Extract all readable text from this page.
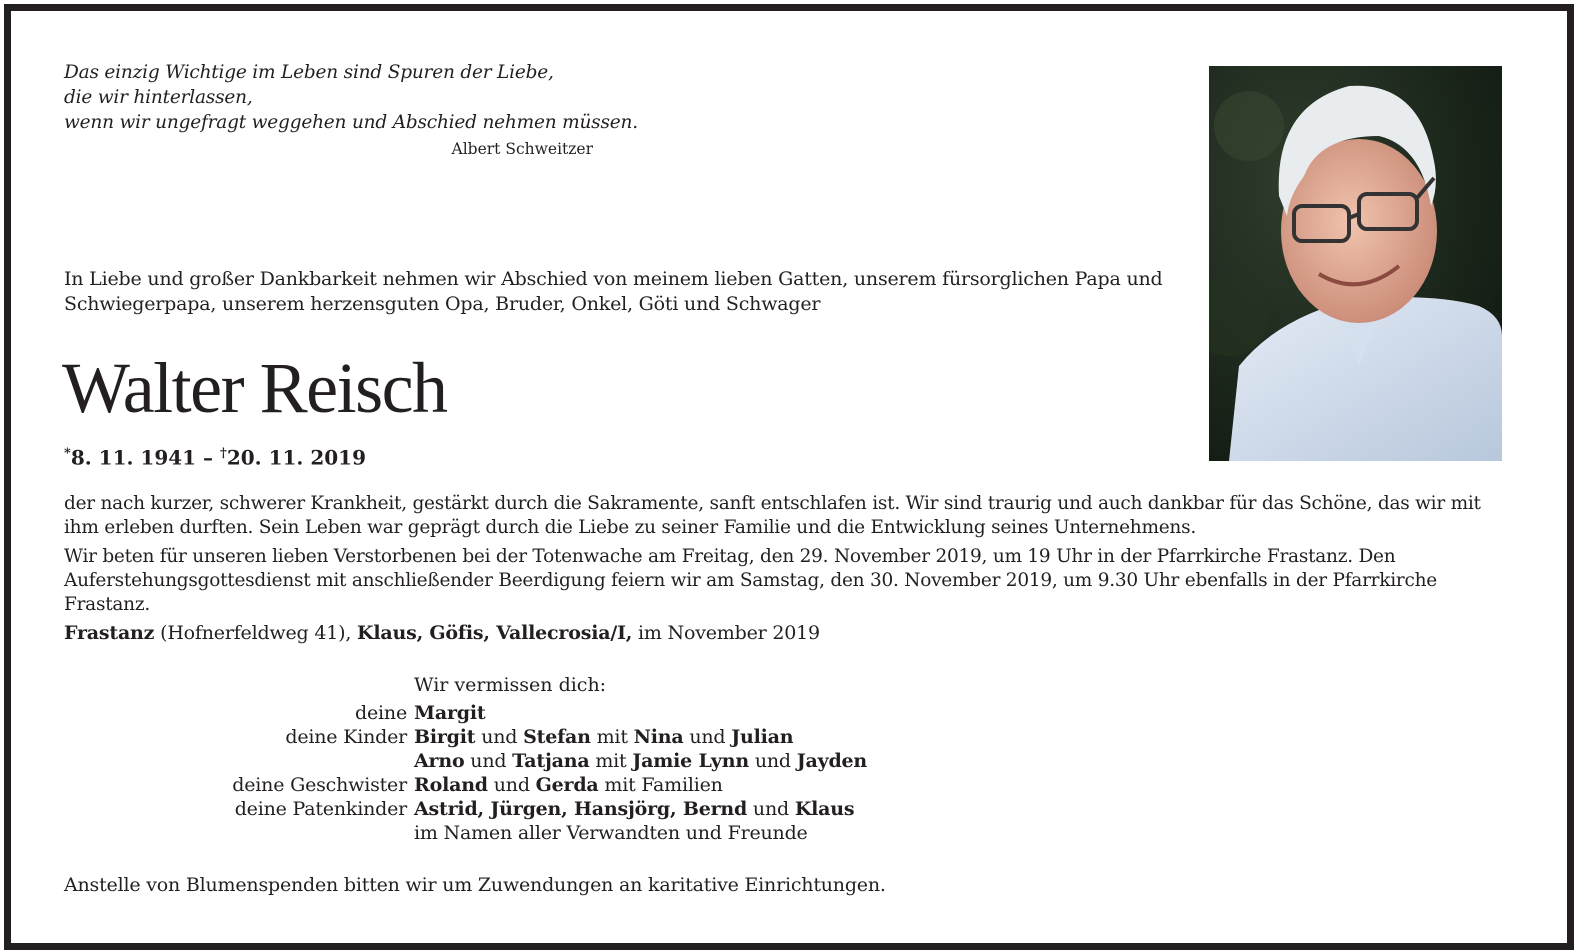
Das einzig Wichtige im Leben sind Spuren der Liebe,
die wir hinterlassen,
wenn wir ungefragt weggehen und Abschied nehmen müssen.
Albert Schweitzer
In Liebe und großer Dankbarkeit nehmen wir Abschied von meinem lieben Gatten, unserem fürsorglichen Papa und Schwiegerpapa, unserem herzensguten Opa, Bruder, Onkel, Göti und Schwager
Walter Reisch
*8. 11. 1941 – †20. 11. 2019

der nach kurzer, schwerer Krankheit, gestärkt durch die Sakramente, sanft entschlafen ist. Wir sind traurig und auch dankbar für das Schöne, das wir mit ihm erleben durften. Sein Leben war geprägt durch die Liebe zu seiner Familie und die Entwicklung seines Unternehmens.

Wir beten für unseren lieben Verstorbenen bei der Totenwache am Freitag, den 29. November 2019, um 19 Uhr in der Pfarrkirche Frastanz. Den Auferstehungsgottesdienst mit anschließender Beerdigung feiern wir am Samstag, den 30. November 2019, um 9.30 Uhr ebenfalls in der Pfarrkirche Frastanz.

Frastanz (Hofnerfeldweg 41), Klaus, Göfis, Vallecrosia/I, im November 2019
Wir vermissen dich:
deine	Margit
deine Kinder	Birgit und Stefan mit Nina und Julian
	Arno und Tatjana mit Jamie Lynn und Jayden
deine Geschwister	Roland und Gerda mit Familien
deine Patenkinder	Astrid, Jürgen, Hansjörg, Bernd und Klaus
	im Namen aller Verwandten und Freunde
Anstelle von Blumenspenden bitten wir um Zuwendungen an karitative Einrichtungen.
